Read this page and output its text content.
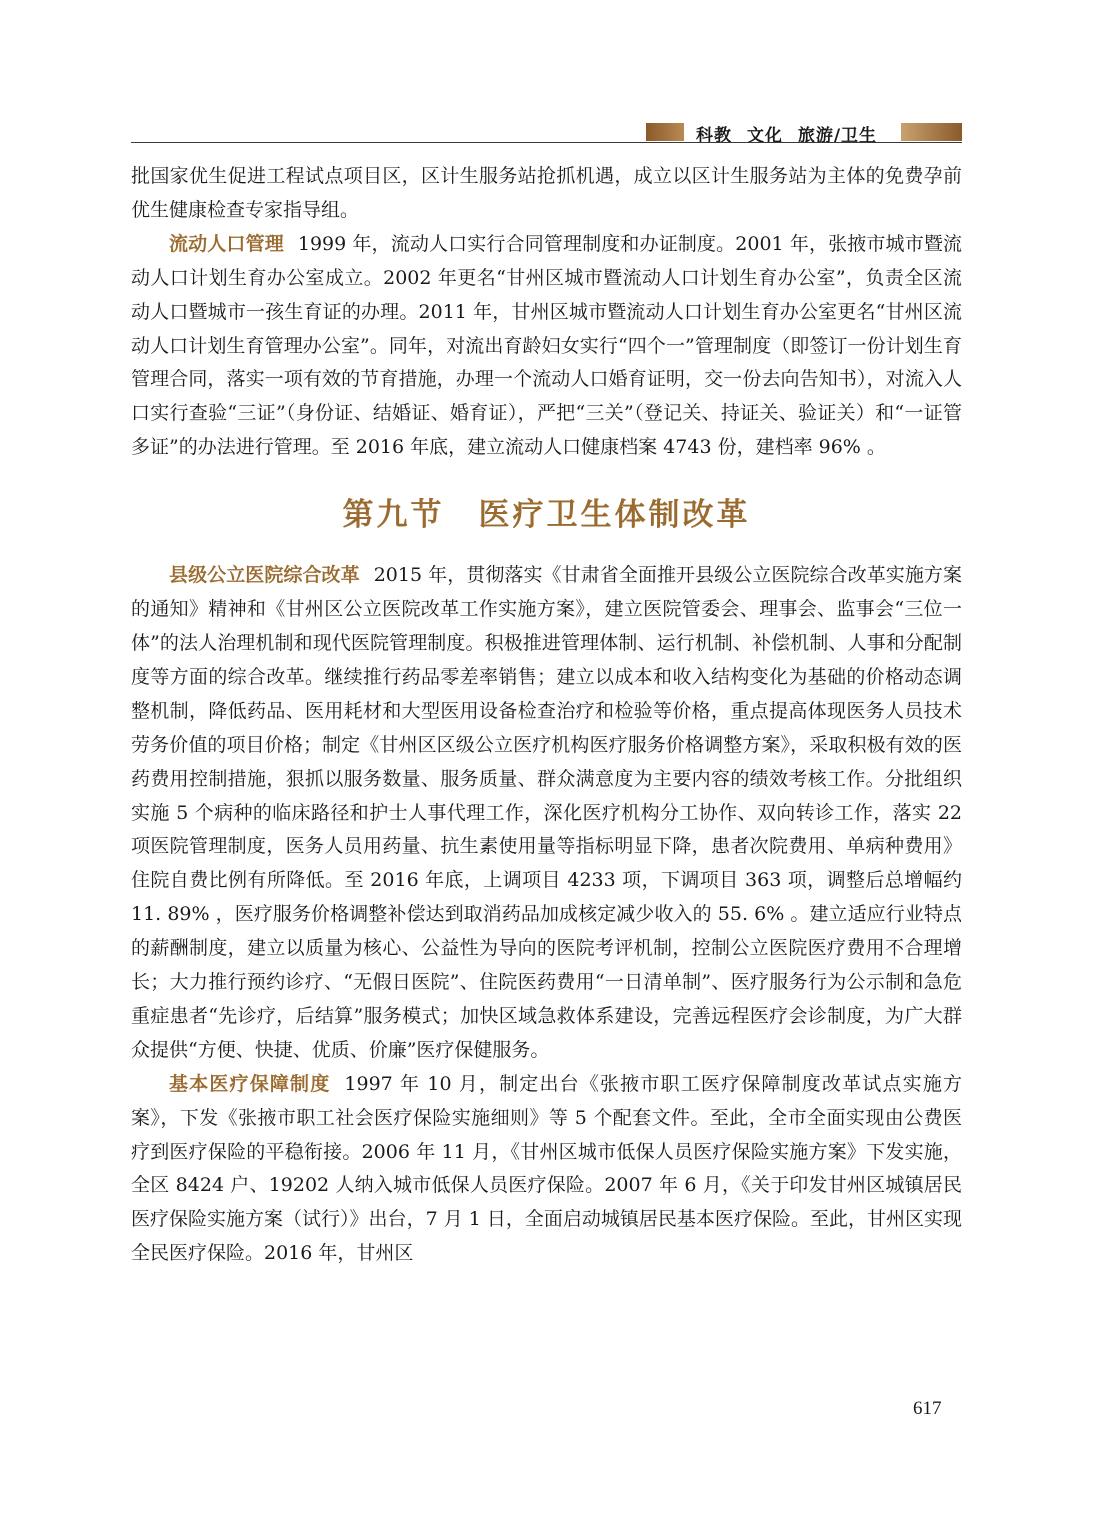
科教 文化 旅游/卫生

批国家优生促进工程试点项目区，区计生服务站抢抓机遇，成立以区计生服务站为主体的免费孕前优生健康检查专家指导组。

流动人口管理 1999 年，流动人口实行合同管理制度和办证制度。2001 年，张掖市城市暨流动人口计划生育办公室成立。2002 年更名“甘州区城市暨流动人口计划生育办公室”，负责全区流动人口暨城市一孩生育证的办理。2011 年，甘州区城市暨流动人口计划生育办公室更名“甘州区流动人口计划生育管理办公室”。同年，对流出育龄妇女实行“四个一”管理制度（即签订一份计划生育管理合同，落实一项有效的节育措施，办理一个流动人口婚育证明，交一份去向告知书），对流入人口实行查验“三证”（身份证、结婚证、婚育证），严把“三关”（登记关、持证关、验证关）和“一证管多证”的办法进行管理。至 2016 年底，建立流动人口健康档案 4743 份，建档率 96% 。

第九节 医疗卫生体制改革

县级公立医院综合改革 2015 年，贯彻落实《甘肃省全面推开县级公立医院综合改革实施方案的通知》精神和《甘州区公立医院改革工作实施方案》，建立医院管委会、理事会、监事会“三位一体”的法人治理机制和现代医院管理制度。积极推进管理体制、运行机制、补偿机制、人事和分配制度等方面的综合改革。继续推行药品零差率销售；建立以成本和收入结构变化为基础的价格动态调整机制，降低药品、医用耗材和大型医用设备检查治疗和检验等价格，重点提高体现医务人员技术劳务价值的项目价格；制定《甘州区区级公立医疗机构医疗服务价格调整方案》，采取积极有效的医药费用控制措施，狠抓以服务数量、服务质量、群众满意度为主要内容的绩效考核工作。分批组织实施 5 个病种的临床路径和护士人事代理工作，深化医疗机构分工协作、双向转诊工作，落实 22 项医院管理制度，医务人员用药量、抗生素使用量等指标明显下降，患者次院费用、单病种费用》住院自费比例有所降低。至 2016 年底，上调项目 4233 项，下调项目 363 项，调整后总增幅约 11. 89% ，医疗服务价格调整补偿达到取消药品加成核定减少收入的 55. 6% 。建立适应行业特点的薪酬制度，建立以质量为核心、公益性为导向的医院考评机制，控制公立医院医疗费用不合理增长；大力推行预约诊疗、“无假日医院”、住院医药费用“一日清单制”、医疗服务行为公示制和急危重症患者“先诊疗，后结算”服务模式；加快区域急救体系建设，完善远程医疗会诊制度，为广大群众提供“方便、快捷、优质、价廉”医疗保健服务。

基本医疗保障制度 1997 年 10 月，制定出台《张掖市职工医疗保障制度改革试点实施方案》，下发《张掖市职工社会医疗保险实施细则》等 5 个配套文件。至此，全市全面实现由公费医疗到医疗保险的平稳衔接。2006 年 11 月，《甘州区城市低保人员医疗保险实施方案》下发实施，全区 8424 户、19202 人纳入城市低保人员医疗保险。2007 年 6 月，《关于印发甘州区城镇居民医疗保险实施方案（试行）》出台，7 月 1 日，全面启动城镇居民基本医疗保险。至此，甘州区实现全民医疗保险。2016 年，甘州区

617
